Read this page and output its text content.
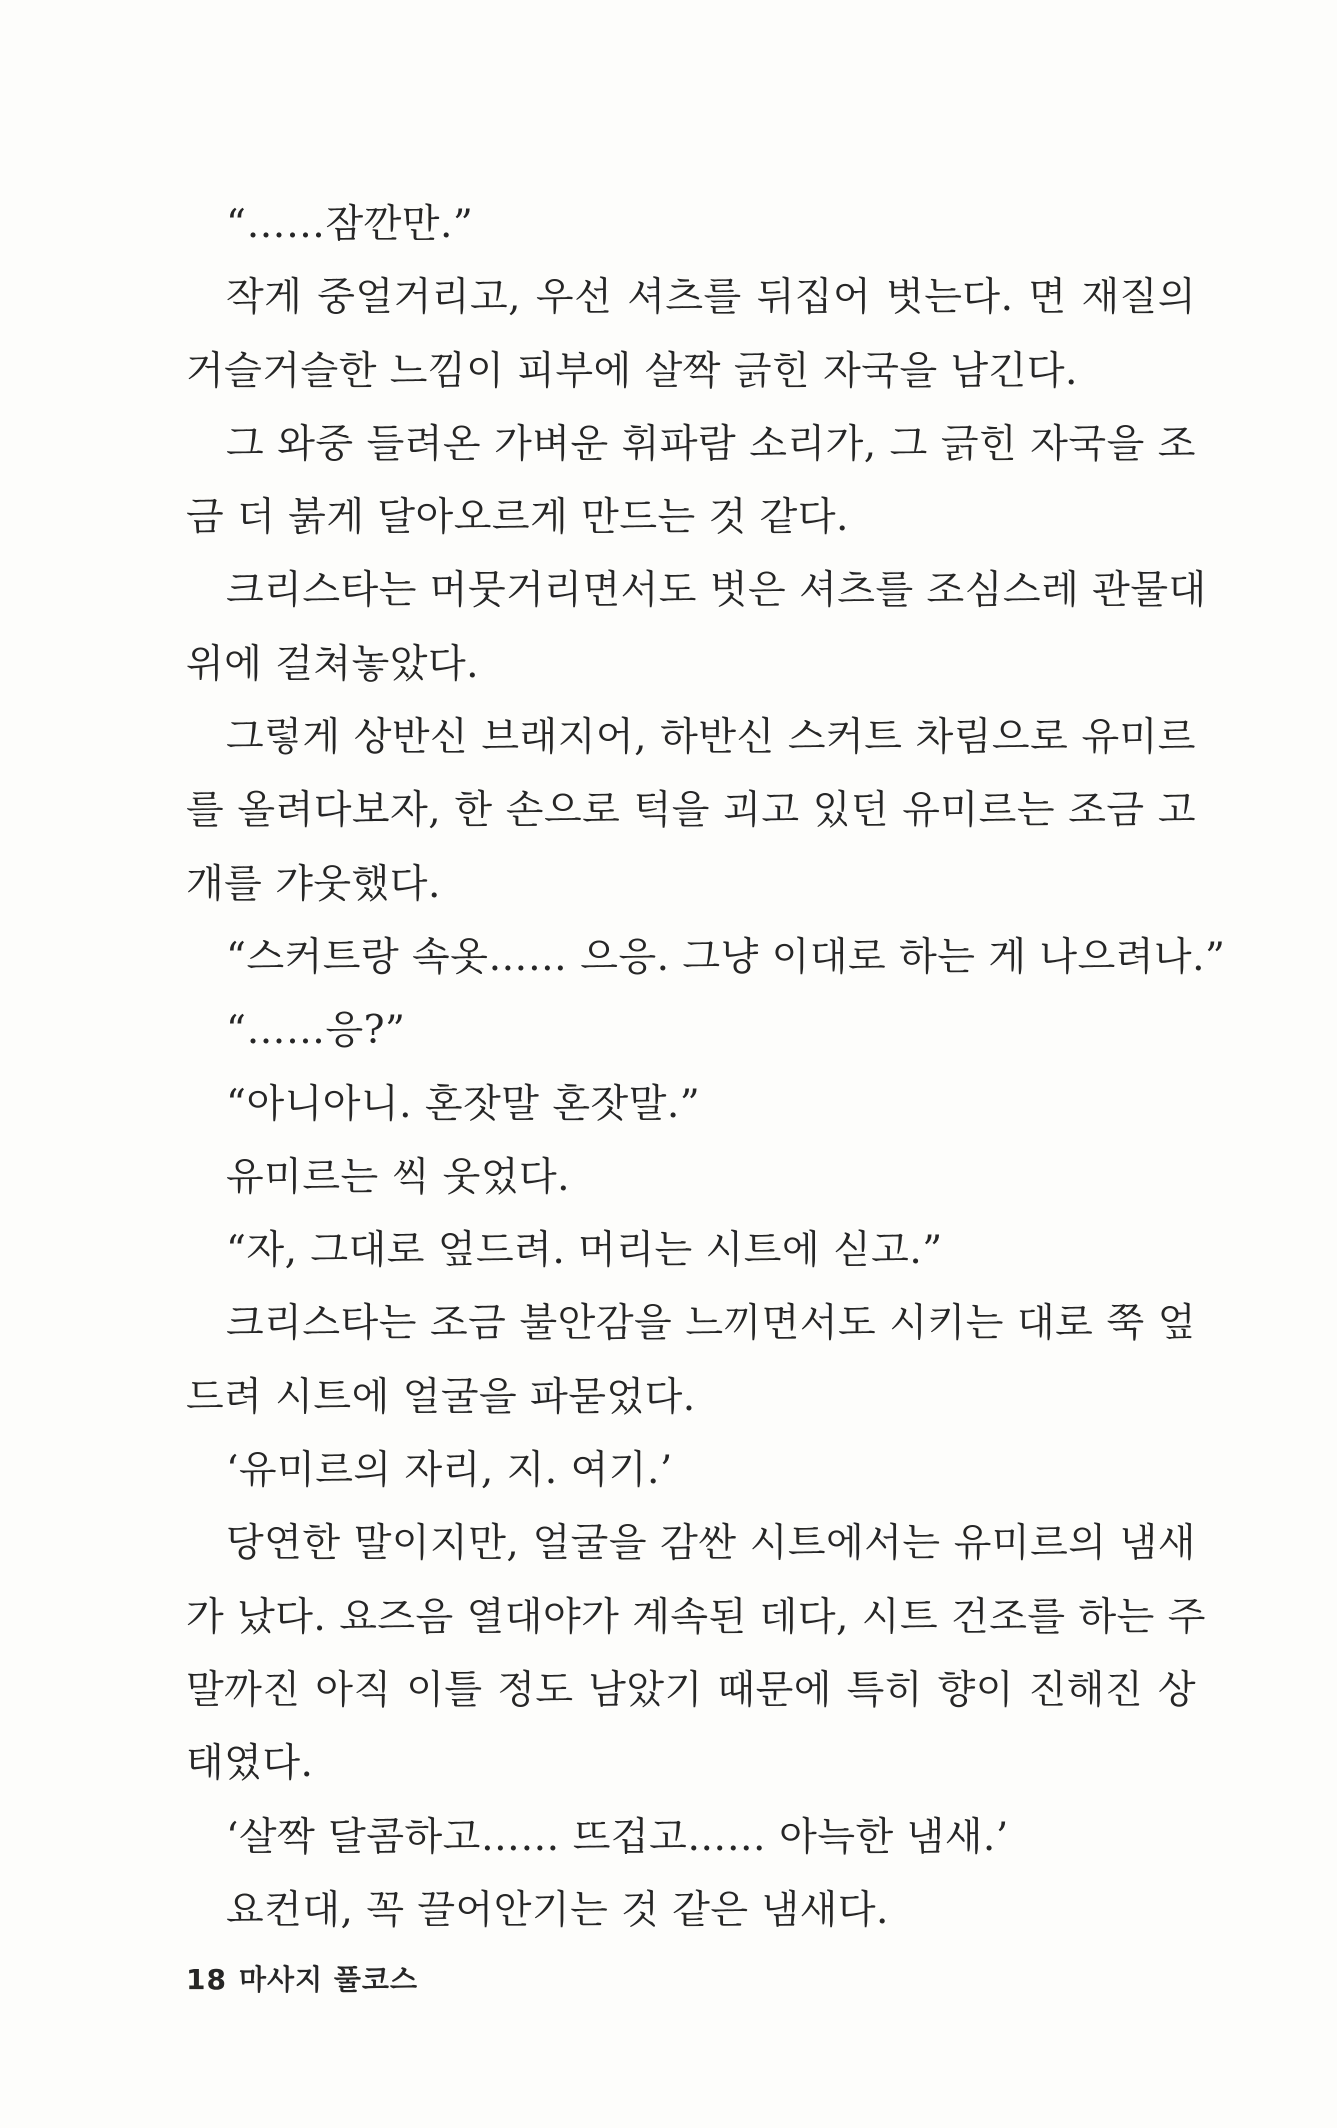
“……잠깐만.”
작게 중얼거리고, 우선 셔츠를 뒤집어 벗는다. 면 재질의
거슬거슬한 느낌이 피부에 살짝 긁힌 자국을 남긴다.
그 와중 들려온 가벼운 휘파람 소리가, 그 긁힌 자국을 조
금 더 붉게 달아오르게 만드는 것 같다.
크리스타는 머뭇거리면서도 벗은 셔츠를 조심스레 관물대
위에 걸쳐놓았다.
그렇게 상반신 브래지어, 하반신 스커트 차림으로 유미르
를 올려다보자, 한 손으로 턱을 괴고 있던 유미르는 조금 고
개를 갸웃했다.
“스커트랑 속옷…… 으응. 그냥 이대로 하는 게 나으려나.”
“……응?”
“아니아니. 혼잣말 혼잣말.”
유미르는 씩 웃었다.
“자, 그대로 엎드려. 머리는 시트에 싣고.”
크리스타는 조금 불안감을 느끼면서도 시키는 대로 쭉 엎
드려 시트에 얼굴을 파묻었다.
‘유미르의 자리, 지. 여기.’
당연한 말이지만, 얼굴을 감싼 시트에서는 유미르의 냄새
가 났다. 요즈음 열대야가 계속된 데다, 시트 건조를 하는 주
말까진 아직 이틀 정도 남았기 때문에 특히 향이 진해진 상
태였다.
‘살짝 달콤하고…… 뜨겁고…… 아늑한 냄새.’
요컨대, 꼭 끌어안기는 것 같은 냄새다.
18 마사지 풀코스
